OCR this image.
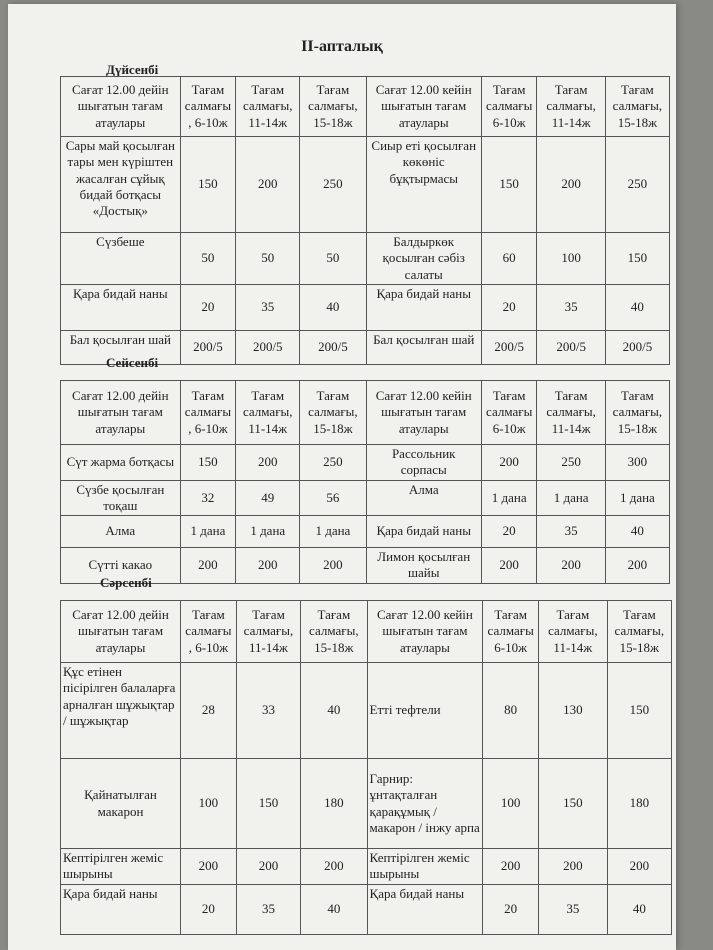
II-апталық
Дүйсенбі
Сағат 12.00 дейін шығатын тағам атаулары	Тағам салмағы , 6-10ж	Тағам салмағы, 11-14ж	Тағам салмағы, 15-18ж	Сағат 12.00 кейін шығатын тағам атаулары	Тағам салмағы 6-10ж	Тағам салмағы, 11-14ж	Тағам салмағы, 15-18ж
Сары май қосылған тары мен күріштен жасалған сұйық бидай ботқасы «Достық»	150	200	250	Сиыр еті қосылған көкөніс бұқтырмасы	150	200	250
Сүзбеше	50	50	50	Балдыркөк қосылған сәбіз салаты	60	100	150
Қара бидай наны	20	35	40	Қара бидай наны	20	35	40
Бал қосылған шай	200/5	200/5	200/5	Бал қосылған шай	200/5	200/5	200/5
Сейсенбі
Сағат 12.00 дейін шығатын тағам атаулары	Тағам салмағы , 6-10ж	Тағам салмағы, 11-14ж	Тағам салмағы, 15-18ж	Сағат 12.00 кейін шығатын тағам атаулары	Тағам салмағы 6-10ж	Тағам салмағы, 11-14ж	Тағам салмағы, 15-18ж
Сүт жарма ботқасы	150	200	250	Рассольник сорпасы	200	250	300
Сүзбе қосылған тоқаш	32	49	56	Алма	1 дана	1 дана	1 дана
Алма	1 дана	1 дана	1 дана	Қара бидай наны	20	35	40
Сүтті какао	200	200	200	Лимон қосылған шайы	200	200	200
Сәрсенбі
Сағат 12.00 дейін шығатын тағам атаулары	Тағам салмағы , 6-10ж	Тағам салмағы, 11-14ж	Тағам салмағы, 15-18ж	Сағат 12.00 кейін шығатын тағам атаулары	Тағам салмағы 6-10ж	Тағам салмағы, 11-14ж	Тағам салмағы, 15-18ж
Құс етінен пісірілген балаларға арналған шұжықтар / шұжықтар	28	33	40	Етті тефтели	80	130	150
Қайнатылған макарон	100	150	180	Гарнир: ұнтақталған қарақұмық / макарон / інжу арпа	100	150	180
Кептірілген жеміс шырыны	200	200	200	Кептірілген жеміс шырыны	200	200	200
Қара бидай наны	20	35	40	Қара бидай наны	20	35	40
